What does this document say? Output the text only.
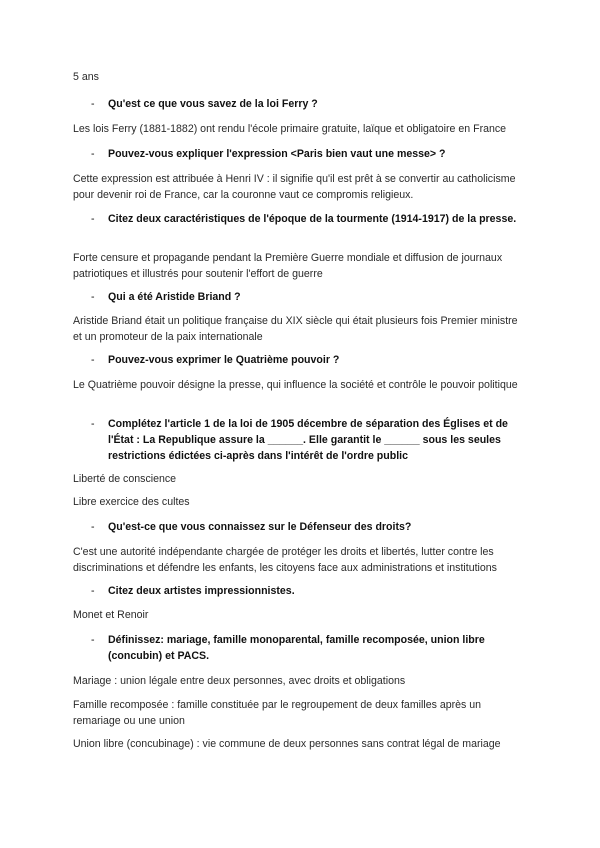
5 ans

-	Qu'est ce que vous savez de la loi Ferry ?

Les lois Ferry (1881-1882) ont rendu l'école primaire gratuite, laïque et obligatoire en France

-	Pouvez-vous expliquer l'expression <Paris bien vaut une messe> ?

Cette expression est attribuée à Henri IV : il signifie qu'il est prêt à se convertir au catholicisme pour devenir roi de France, car la couronne vaut ce compromis religieux.

-	Citez deux caractéristiques de l'époque de la tourmente (1914-1917) de la presse.

Forte censure et propagande pendant la Première Guerre mondiale et diffusion de journaux patriotiques et illustrés pour soutenir l'effort de guerre

-	Qui a été Aristide Briand ?

Aristide Briand était un politique française du XIX siècle qui était plusieurs fois Premier ministre et un promoteur de la paix internationale

-	Pouvez-vous exprimer le Quatrième pouvoir ?

Le Quatrième pouvoir désigne la presse, qui influence la société et contrôle le pouvoir politique

-	Complétez l'article 1 de la loi de 1905 décembre de séparation des Églises et de l'État : La Republique assure la ______. Elle garantit le ______ sous les seules restrictions édictées ci-après dans l'intérêt de l'ordre public

Liberté de conscience

Libre exercice des cultes

-	Qu'est-ce que vous connaissez sur le Défenseur des droits?

C'est une autorité indépendante chargée de protéger les droits et libertés, lutter contre les discriminations et défendre les enfants, les citoyens face aux administrations et institutions

-	Citez deux artistes impressionnistes.

Monet et Renoir

-	Définissez: mariage, famille monoparental, famille recomposée, union libre (concubin) et PACS.

Mariage : union légale entre deux personnes, avec droits et obligations

Famille recomposée : famille constituée par le regroupement de deux familles après un remariage ou une union

Union libre (concubinage) : vie commune de deux personnes sans contrat légal de mariage
